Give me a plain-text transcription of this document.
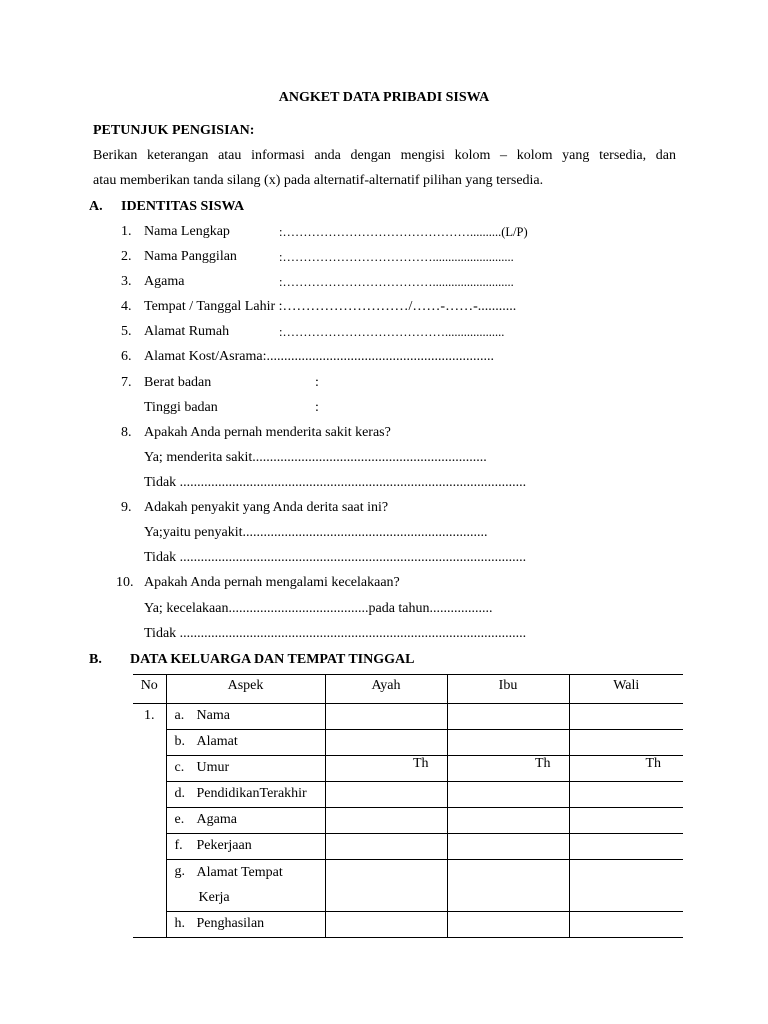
ANGKET DATA PRIBADI SISWA
PETUNJUK PENGISIAN:
Berikan keterangan atau informasi anda dengan mengisi kolom – kolom yang tersedia, dan
atau memberikan tanda silang (x) pada alternatif-alternatif pilihan yang tersedia.
A. IDENTITAS SISWA
1. Nama Lengkap	:………………………………………..........(L/P)
2. Nama Panggilan	:………………………………..........................
3. Agama	:………………………………..........................
4. Tempat / Tanggal Lahir :………………………/……-……-...........
5. Alamat Rumah	:…………………………………...................
6. Alamat Kost/Asrama:.................................................................
7. Berat badan	:
Tinggi badan	:
8. Apakah Anda pernah menderita sakit keras?
Ya; menderita sakit...................................................................
Tidak ...................................................................................................
9. Adakah penyakit yang Anda derita saat ini?
Ya;yaitu penyakit......................................................................
Tidak ...................................................................................................
10. Apakah Anda pernah mengalami kecelakaan?
Ya; kecelakaan........................................pada tahun..................
Tidak ...................................................................................................
B. DATA KELUARGA DAN TEMPAT TINGGAL
No	Aspek	Ayah	Ibu	Wali
1.	a. Nama			

	b. Alamat			

	c. Umur	Th	Th	Th

	d. PendidikanTerakhir			

	e. Agama			

	f. Pekerjaan			

	g. Alamat Tempat
Kerja			

	h. Penghasilan			
